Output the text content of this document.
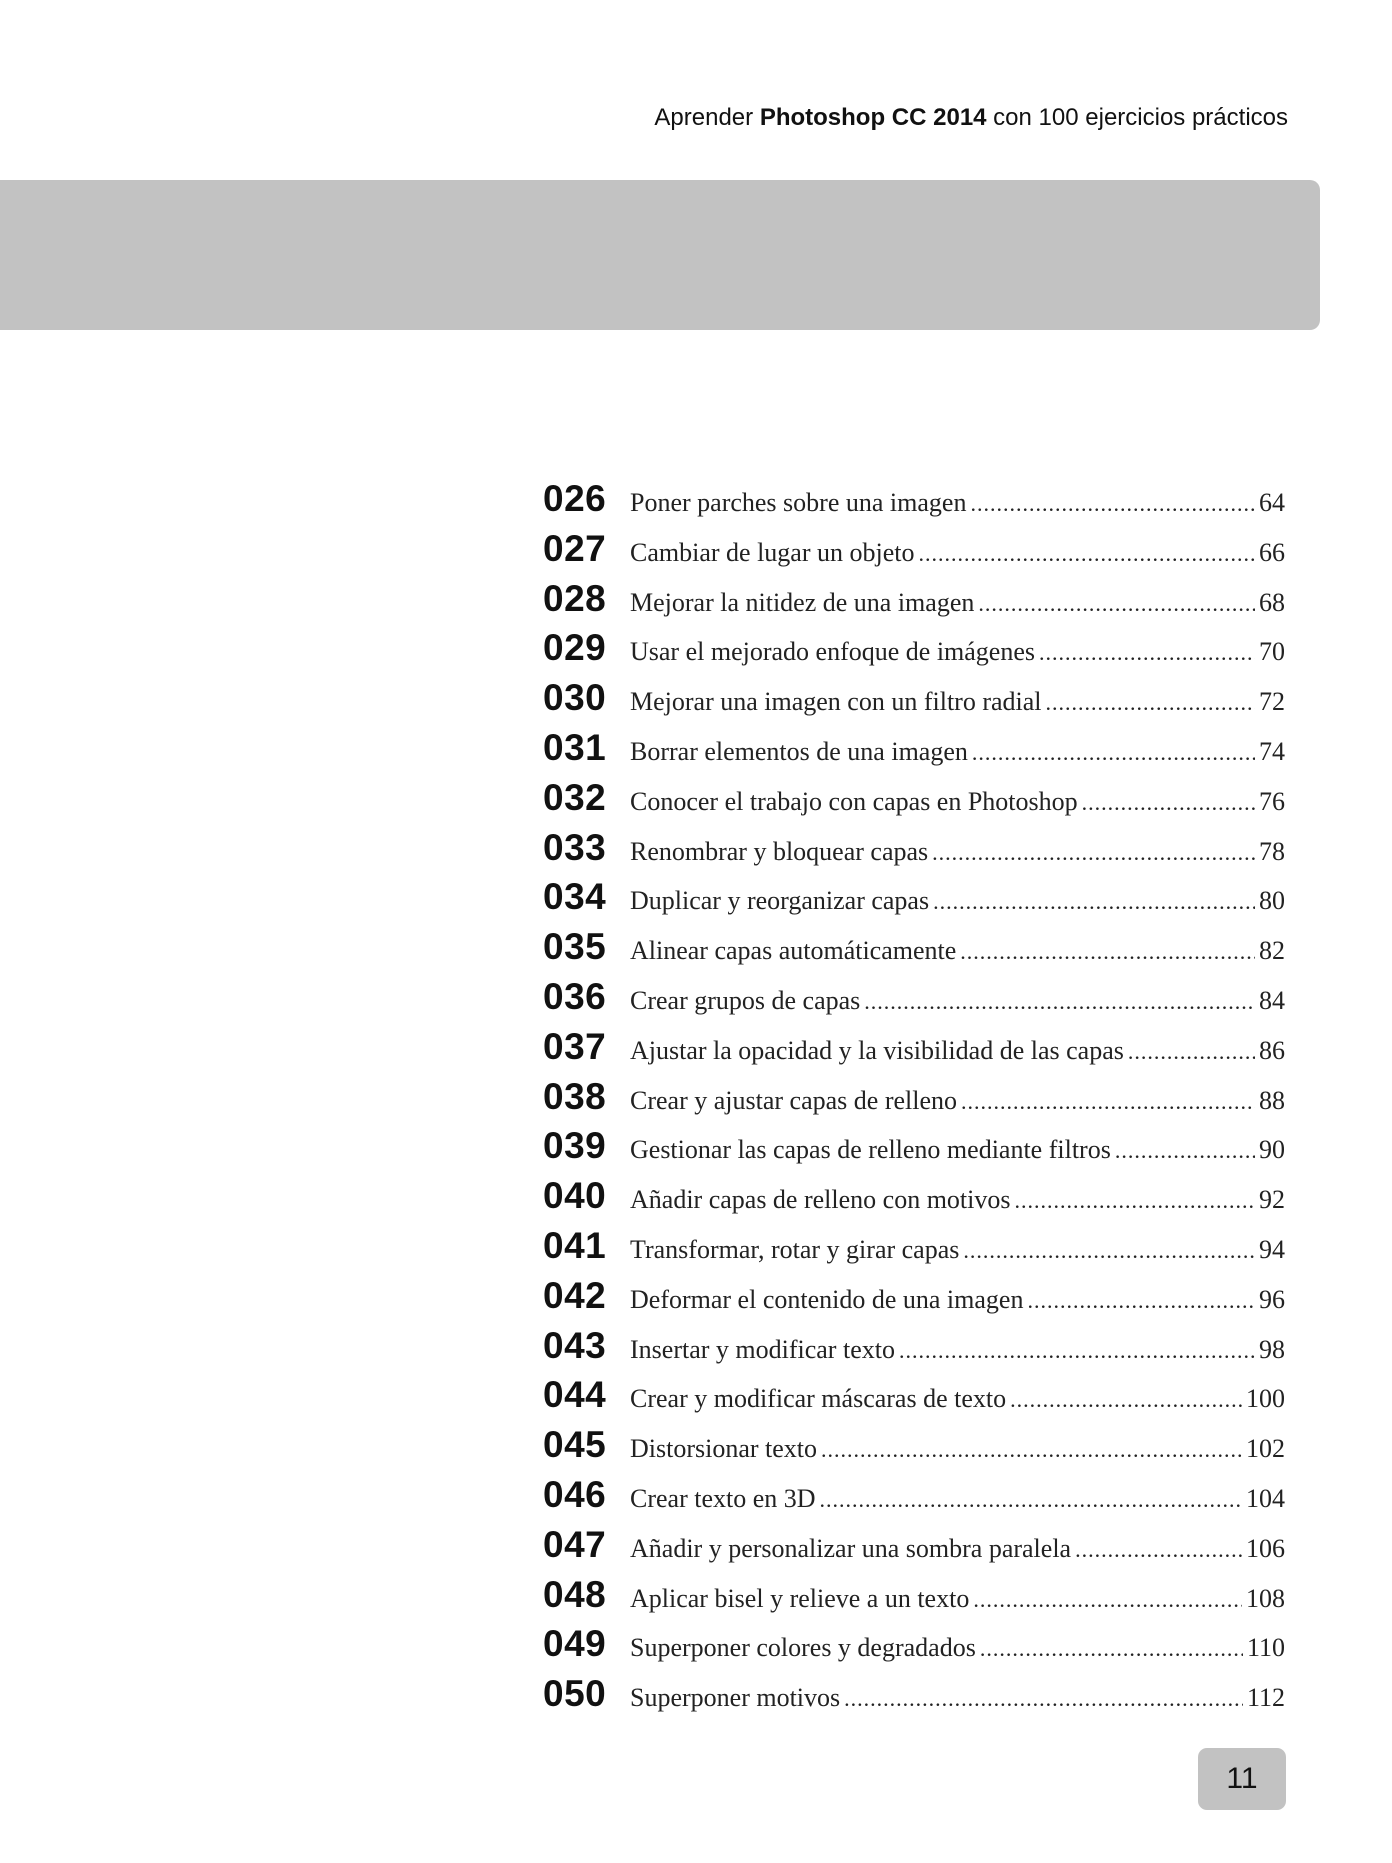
Aprender Photoshop CC 2014 con 100 ejercicios prácticos
026 Poner parches sobre una imagen .....	64
027 Cambiar de lugar un objeto .....	66
028 Mejorar la nitidez de una imagen .....	68
029 Usar el mejorado enfoque de imágenes .....	70
030 Mejorar una imagen con un filtro radial .....	72
031 Borrar elementos de una imagen .....	74
032 Conocer el trabajo con capas en Photoshop .....	76
033 Renombrar y bloquear capas .....	78
034 Duplicar y reorganizar capas .....	80
035 Alinear capas automáticamente .....	82
036 Crear grupos de capas .....	84
037 Ajustar la opacidad y la visibilidad de las capas .....	86
038 Crear y ajustar capas de relleno .....	88
039 Gestionar las capas de relleno mediante filtros .....	90
040 Añadir capas de relleno con motivos .....	92
041 Transformar, rotar y girar capas .....	94
042 Deformar el contenido de una imagen .....	96
043 Insertar y modificar texto .....	98
044 Crear y modificar máscaras de texto .....	100
045 Distorsionar texto .....	102
046 Crear texto en 3D .....	104
047 Añadir y personalizar una sombra paralela .....	106
048 Aplicar bisel y relieve a un texto .....	108
049 Superponer colores y degradados .....	110
050 Superponer motivos .....	112
11
